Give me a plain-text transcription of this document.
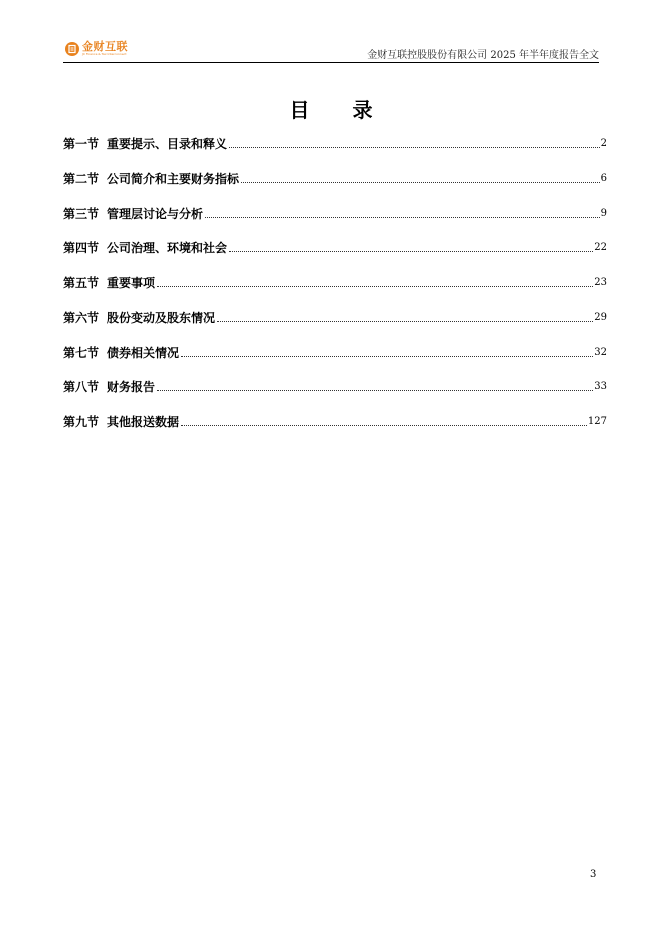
金财互联
JC Finance & Tax Interconnect	金财互联控股股份有限公司 2025 年半年度报告全文
目 录
第一节 重要提示、目录和释义	2
第二节 公司简介和主要财务指标	6
第三节 管理层讨论与分析	9
第四节 公司治理、环境和社会	22
第五节 重要事项	23
第六节 股份变动及股东情况	29
第七节 债券相关情况	32
第八节 财务报告	33
第九节 其他报送数据	127
3
